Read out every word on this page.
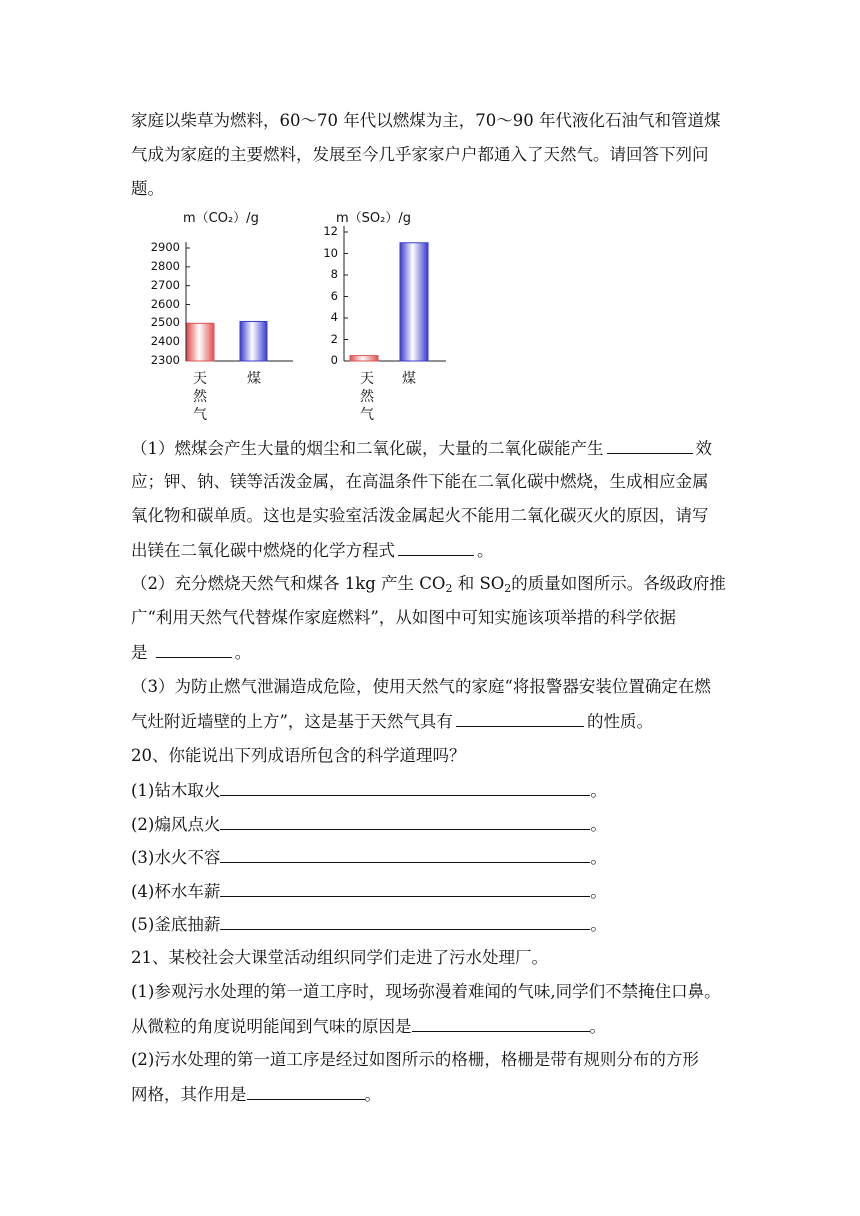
家庭以柴草为燃料，60～70 年代以燃煤为主，70～90 年代液化石油气和管道煤
气成为家庭的主要燃料，发展至今几乎家家户户都通入了天然气。请回答下列问
题。
m（CO₂）/g
2900
2800
2700
2600
2500
2400
2300
天
然
气
煤
m（SO₂）/g
12
10
8
6
4
2
0
天
然
气
煤
（1）燃煤会产生大量的烟尘和二氧化碳，大量的二氧化碳能产生	效
应；钾、钠、镁等活泼金属，在高温条件下能在二氧化碳中燃烧，生成相应金属
氧化物和碳单质。这也是实验室活泼金属起火不能用二氧化碳灭火的原因，请写
出镁在二氧化碳中燃烧的化学方程式	。
（2）充分燃烧天然气和煤各 1kg 产生 $CO_2$ 和 $SO_2$的质量如图所示。各级政府推
广“利用天然气代替煤作家庭燃料”，从如图中可知实施该项举措的科学依据
是	。
（3）为防止燃气泄漏造成危险，使用天然气的家庭“将报警器安装位置确定在燃
气灶附近墙壁的上方”，这是基于天然气具有	的性质。
20、你能说出下列成语所包含的科学道理吗？
(1)钻木取火	。
(2)煽风点火	。
(3)水火不容	。
(4)杯水车薪	。
(5)釜底抽薪	。
21、某校社会大课堂活动组织同学们走进了污水处理厂。
(1)参观污水处理的第一道工序时，现场弥漫着难闻的气味,同学们不禁掩住口鼻。
从微粒的角度说明能闻到气味的原因是	。
(2)污水处理的第一道工序是经过如图所示的格栅，格栅是带有规则分布的方形
网格，其作用是	。
